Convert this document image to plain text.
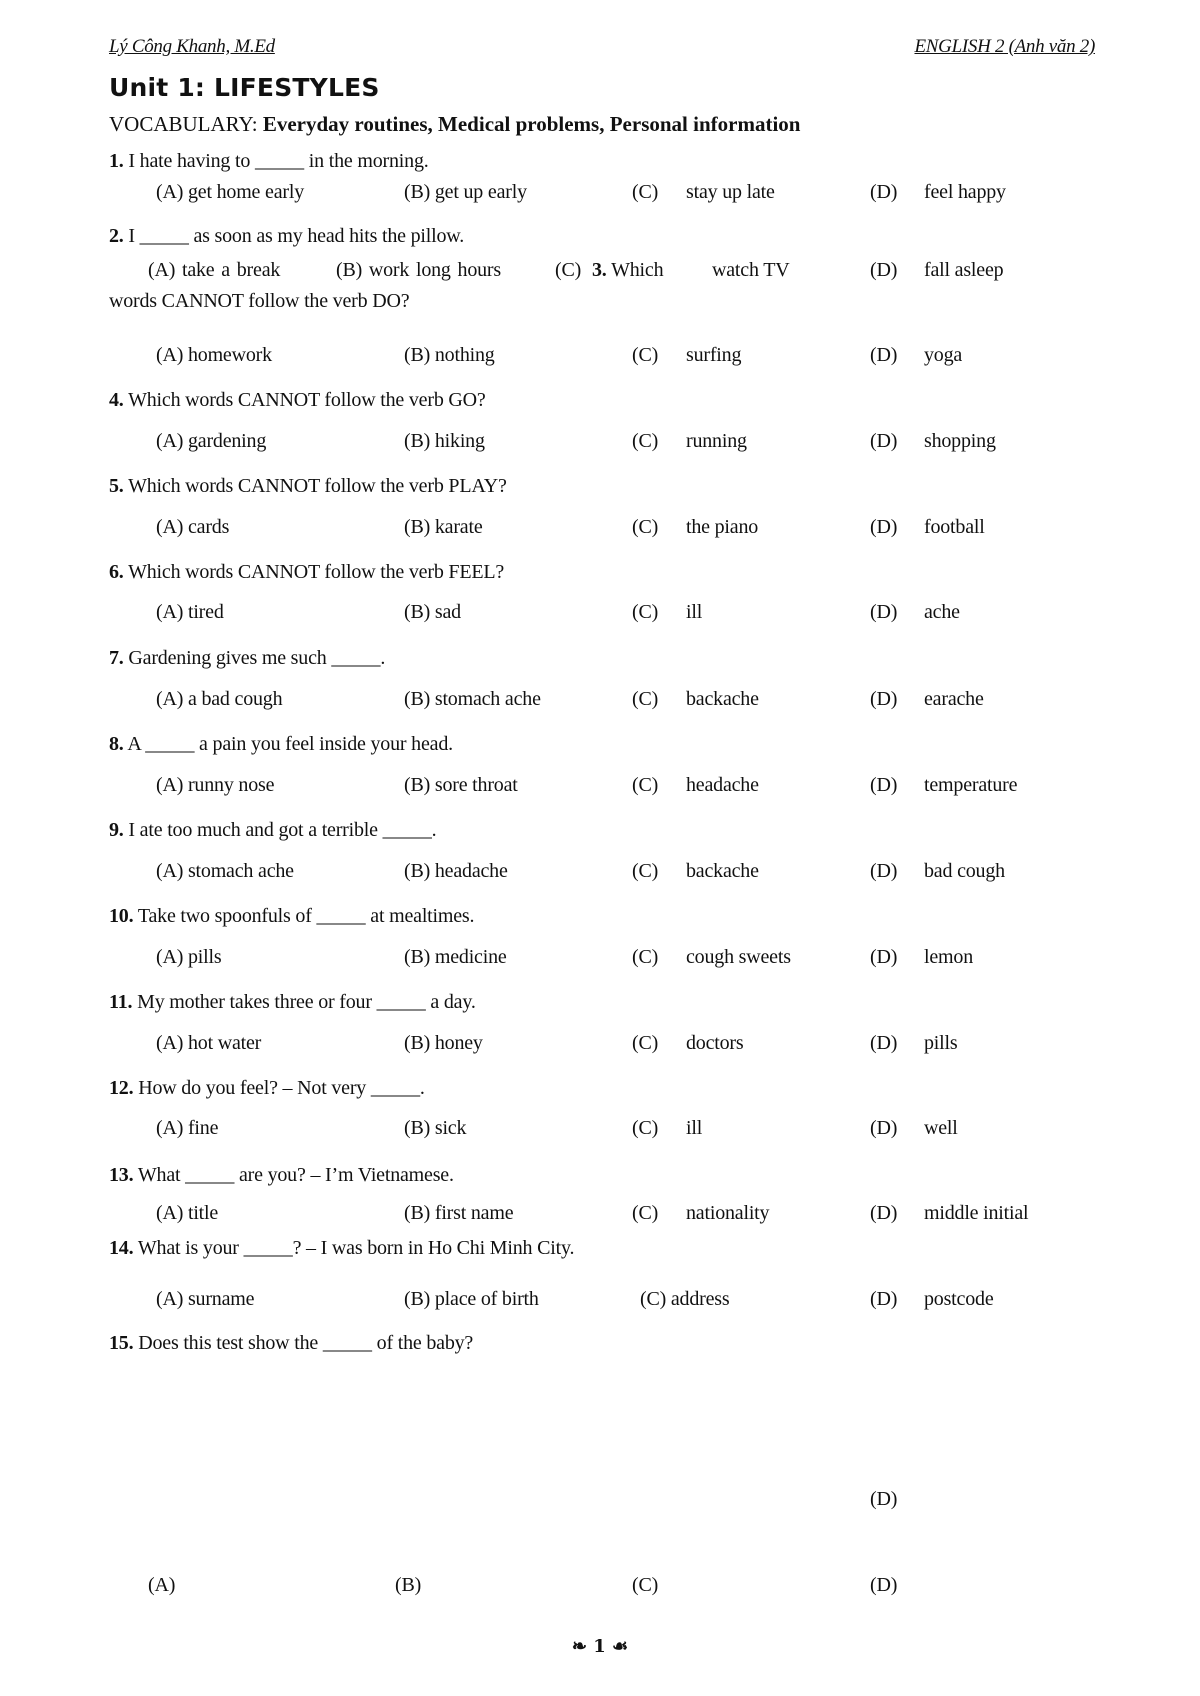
Lý Công Khanh, M.Ed	ENGLISH 2 (Anh văn 2)
Unit 1: LIFESTYLES
VOCABULARY: Everyday routines, Medical problems, Personal information
1. I hate having to _____ in the morning.
(A) get home early	(B) get up early	(C) stay up late	(D) feel happy
2. I _____ as soon as my head hits the pillow.
(A) take a break	(B) work long hours	(C) 3. Which watch TV	(D) fall asleep
words CANNOT follow the verb DO?
(A) homework	(B) nothing	(C) surfing	(D) yoga
4. Which words CANNOT follow the verb GO?
(A) gardening	(B) hiking	(C) running	(D) shopping
5. Which words CANNOT follow the verb PLAY?
(A) cards	(B) karate	(C) the piano	(D) football
6. Which words CANNOT follow the verb FEEL?
(A) tired	(B) sad	(C) ill	(D) ache
7. Gardening gives me such _____.
(A) a bad cough	(B) stomach ache	(C) backache	(D) earache
8. A _____ a pain you feel inside your head.
(A) runny nose	(B) sore throat	(C) headache	(D) temperature
9. I ate too much and got a terrible _____.
(A) stomach ache	(B) headache	(C) backache	(D) bad cough
10. Take two spoonfuls of _____ at mealtimes.
(A) pills	(B) medicine	(C) cough sweets	(D) lemon
11. My mother takes three or four _____ a day.
(A) hot water	(B) honey	(C) doctors	(D) pills
12. How do you feel? – Not very _____.
(A) fine	(B) sick	(C) ill	(D) well
13. What _____ are you? – I’m Vietnamese.
(A) title	(B) first name	(C) nationality	(D) middle initial
14. What is your _____? – I was born in Ho Chi Minh City.
(A) surname	(B) place of birth	(C) address	(D) postcode
15. Does this test show the _____ of the baby?
(D)
(A)	(B)	(C)	(D)
❧ 1 ☙
